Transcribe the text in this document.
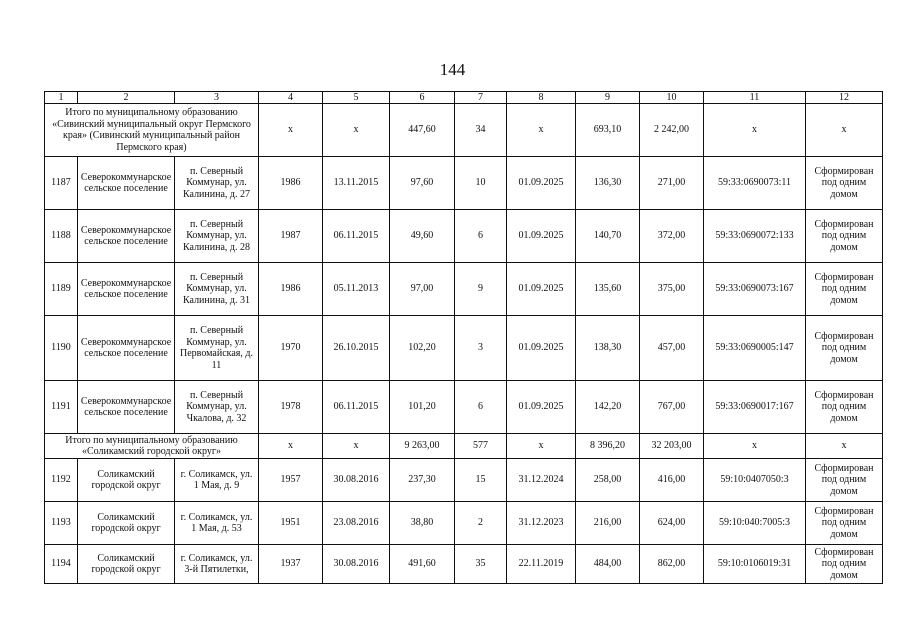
144
1	2	3	4	5	6	7	8	9	10	11	12
Итого по муниципальному образованию «Сивинский муниципальный округ Пермского края» (Сивинский муниципальный район Пермского края)			х	х	447,60	34	х	693,10	2 242,00	х	х
1187	Северокоммунарское сельское поселение	п. Северный Коммунар, ул. Калинина, д. 27	1986	13.11.2015	97,60	10	01.09.2025	136,30	271,00	59:33:0690073:11	Сформирован под одним домом
1188	Северокоммунарское сельское поселение	п. Северный Коммунар, ул. Калинина, д. 28	1987	06.11.2015	49,60	6	01.09.2025	140,70	372,00	59:33:0690072:133	Сформирован под одним домом
1189	Северокоммунарское сельское поселение	п. Северный Коммунар, ул. Калинина, д. 31	1986	05.11.2013	97,00	9	01.09.2025	135,60	375,00	59:33:0690073:167	Сформирован под одним домом
1190	Северокоммунарское сельское поселение	п. Северный Коммунар, ул. Первомайская, д. 11	1970	26.10.2015	102,20	3	01.09.2025	138,30	457,00	59:33:0690005:147	Сформирован под одним домом
1191	Северокоммунарское сельское поселение	п. Северный Коммунар, ул. Чкалова, д. 32	1978	06.11.2015	101,20	6	01.09.2025	142,20	767,00	59:33:0690017:167	Сформирован под одним домом
Итого по муниципальному образованию «Соликамский городской округ»			х	х	9 263,00	577	х	8 396,20	32 203,00	х	х
1192	Соликамский городской округ	г. Соликамск, ул. 1 Мая, д. 9	1957	30.08.2016	237,30	15	31.12.2024	258,00	416,00	59:10:0407050:3	Сформирован под одним домом
1193	Соликамский городской округ	г. Соликамск, ул. 1 Мая, д. 53	1951	23.08.2016	38,80	2	31.12.2023	216,00	624,00	59:10:040:7005:3	Сформирован под одним домом
1194	Соликамский городской округ	г. Соликамск, ул. 3-й Пятилетки,	1937	30.08.2016	491,60	35	22.11.2019	484,00	862,00	59:10:0106019:31	Сформирован под одним домом
